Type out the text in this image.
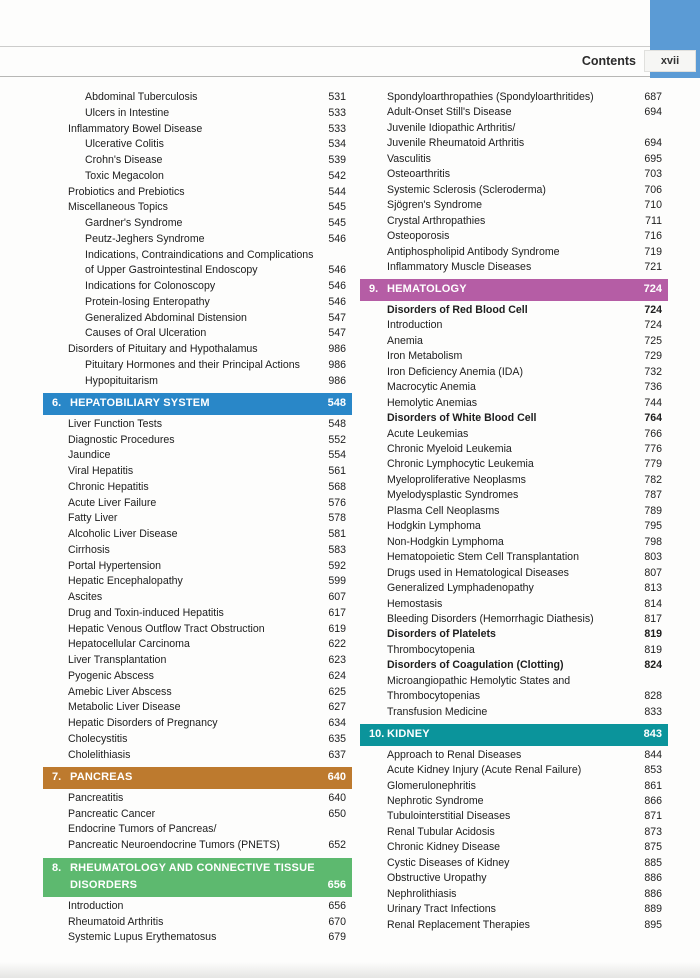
Contents	xvii
Abdominal Tuberculosis	531
Ulcers in Intestine	533
Inflammatory Bowel Disease	533
Ulcerative Colitis	534
Crohn's Disease	539
Toxic Megacolon	542
Probiotics and Prebiotics	544
Miscellaneous Topics	545
Gardner's Syndrome	545
Peutz-Jeghers Syndrome	546
Indications, Contraindications and Complications
of Upper Gastrointestinal Endoscopy	546
Indications for Colonoscopy	546
Protein-losing Enteropathy	546
Generalized Abdominal Distension	547
Causes of Oral Ulceration	547
Disorders of Pituitary and Hypothalamus	986
Pituitary Hormones and their Principal Actions	986
Hypopituitarism	986
6. HEPATOBILIARY SYSTEM	548
Liver Function Tests	548
Diagnostic Procedures	552
Jaundice	554
Viral Hepatitis	561
Chronic Hepatitis	568
Acute Liver Failure	576
Fatty Liver	578
Alcoholic Liver Disease	581
Cirrhosis	583
Portal Hypertension	592
Hepatic Encephalopathy	599
Ascites	607
Drug and Toxin-induced Hepatitis	617
Hepatic Venous Outflow Tract Obstruction	619
Hepatocellular Carcinoma	622
Liver Transplantation	623
Pyogenic Abscess	624
Amebic Liver Abscess	625
Metabolic Liver Disease	627
Hepatic Disorders of Pregnancy	634
Cholecystitis	635
Cholelithiasis	637
7. PANCREAS	640
Pancreatitis	640
Pancreatic Cancer	650
Endocrine Tumors of Pancreas/
Pancreatic Neuroendocrine Tumors (PNETS)	652
8. RHEUMATOLOGY AND CONNECTIVE TISSUE
DISORDERS	656
Introduction	656
Rheumatoid Arthritis	670
Systemic Lupus Erythematosus	679
Spondyloarthropathies (Spondyloarthritides)	687
Adult-Onset Still's Disease	694
Juvenile Idiopathic Arthritis/
Juvenile Rheumatoid Arthritis	694
Vasculitis	695
Osteoarthritis	703
Systemic Sclerosis (Scleroderma)	706
Sjögren's Syndrome	710
Crystal Arthropathies	711
Osteoporosis	716
Antiphospholipid Antibody Syndrome	719
Inflammatory Muscle Diseases	721
9. HEMATOLOGY	724
Disorders of Red Blood Cell	724
Introduction	724
Anemia	725
Iron Metabolism	729
Iron Deficiency Anemia (IDA)	732
Macrocytic Anemia	736
Hemolytic Anemias	744
Disorders of White Blood Cell	764
Acute Leukemias	766
Chronic Myeloid Leukemia	776
Chronic Lymphocytic Leukemia	779
Myeloproliferative Neoplasms	782
Myelodysplastic Syndromes	787
Plasma Cell Neoplasms	789
Hodgkin Lymphoma	795
Non-Hodgkin Lymphoma	798
Hematopoietic Stem Cell Transplantation	803
Drugs used in Hematological Diseases	807
Generalized Lymphadenopathy	813
Hemostasis	814
Bleeding Disorders (Hemorrhagic Diathesis)	817
Disorders of Platelets	819
Thrombocytopenia	819
Disorders of Coagulation (Clotting)	824
Microangiopathic Hemolytic States and
Thrombocytopenias	828
Transfusion Medicine	833
10. KIDNEY	843
Approach to Renal Diseases	844
Acute Kidney Injury (Acute Renal Failure)	853
Glomerulonephritis	861
Nephrotic Syndrome	866
Tubulointerstitial Diseases	871
Renal Tubular Acidosis	873
Chronic Kidney Disease	875
Cystic Diseases of Kidney	885
Obstructive Uropathy	886
Nephrolithiasis	886
Urinary Tract Infections	889
Renal Replacement Therapies	895
